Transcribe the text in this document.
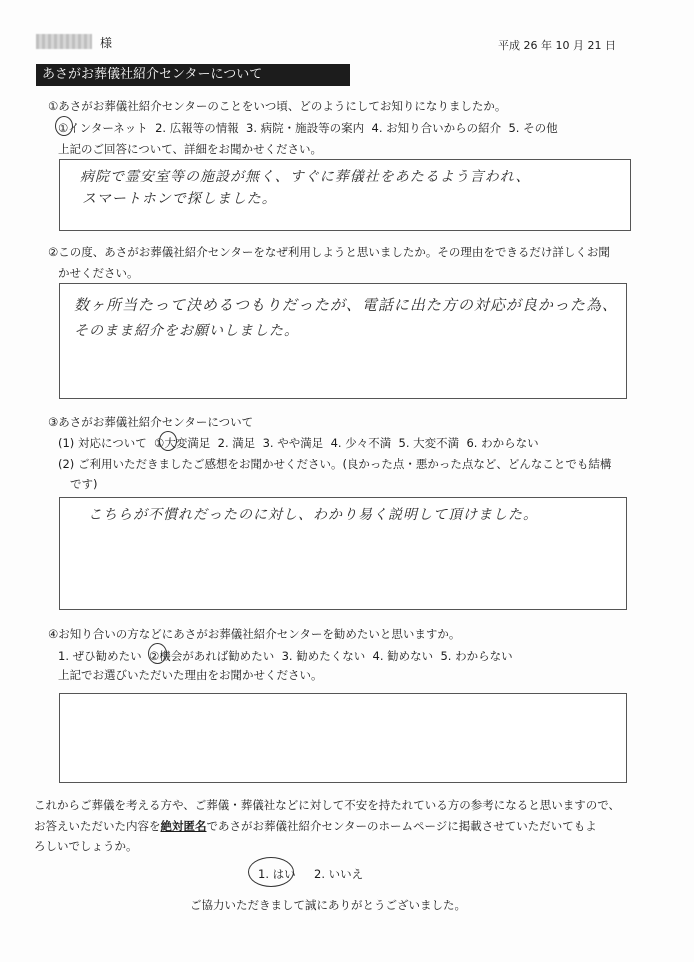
様	平成 26 年 10 月 21 日
あさがお葬儀社紹介センターについて
①あさがお葬儀社紹介センターのことをいつ頃、どのようにしてお知りになりましたか。
①インターネット 2. 広報等の情報 3. 病院・施設等の案内 4. お知り合いからの紹介 5. その他
上記のご回答について、詳細をお聞かせください。
病院で霊安室等の施設が無く、すぐに葬儀社をあたるよう言われ、
スマートホンで探しました。
②この度、あさがお葬儀社紹介センターをなぜ利用しようと思いましたか。その理由をできるだけ詳しくお聞
かせください。
数ヶ所当たって決めるつもりだったが、電話に出た方の対応が良かった為、
そのまま紹介をお願いしました。
③あさがお葬儀社紹介センターについて
(1) 対応について ①大変満足 2. 満足 3. やや満足 4. 少々不満 5. 大変不満 6. わからない
(2) ご利用いただきましたご感想をお聞かせください。(良かった点・悪かった点など、どんなことでも結構
です)
こちらが不慣れだったのに対し、わかり易く説明して頂けました。
④お知り合いの方などにあさがお葬儀社紹介センターを勧めたいと思いますか。
1. ぜひ勧めたい ②機会があれば勧めたい 3. 勧めたくない 4. 勧めない 5. わからない
上記でお選びいただいた理由をお聞かせください。
これからご葬儀を考える方や、ご葬儀・葬儀社などに対して不安を持たれている方の参考になると思いますので、
お答えいただいた内容を絶対匿名であさがお葬儀社紹介センターのホームページに掲載させていただいてもよ
ろしいでしょうか。
1. はい 2. いいえ
ご協力いただきまして誠にありがとうございました。
